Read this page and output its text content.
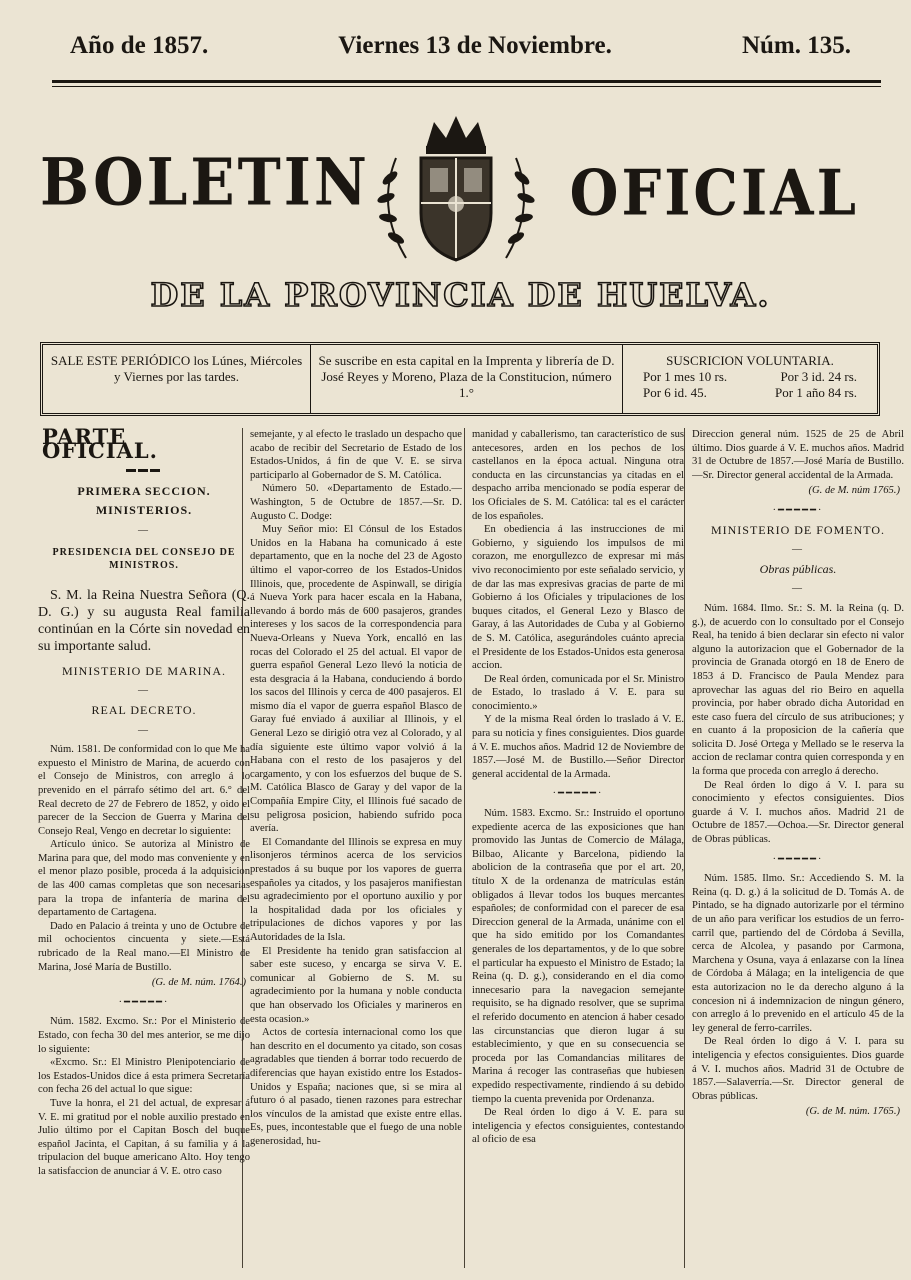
Año de 1857.	Viernes 13 de Noviembre.	Núm. 135.
BOLETIN	OFICIAL
DE LA PROVINCIA DE HUELVA.
SALE ESTE PERIÓDICO los Lúnes, Miércoles y Viernes por las tardes.
Se suscribe en esta capital en la Imprenta y librería de D. José Reyes y Moreno, Plaza de la Constitucion, número 1.°
SUSCRICION VOLUNTARIA.
Por 1 mes 10 rs.	Por 3 id. 24 rs.
Por 6 id. 45.	Por 1 año 84 rs.
PARTE OFICIAL.
▬▬▬
PRIMERA SECCION.
MINISTERIOS.
—
PRESIDENCIA DEL CONSEJO DE MINISTROS.

S. M. la Reina Nuestra Señora (Q. D. G.) y su augusta Real familia continúan en la Córte sin novedad en su importante salud.

MINISTERIO DE MARINA.
—
REAL DECRETO.
—

Núm. 1581. De conformidad con lo que Me ha expuesto el Ministro de Marina, de acuerdo con el Consejo de Ministros, con arreglo á lo prevenido en el párrafo sétimo del art. 6.° del Real decreto de 27 de Febrero de 1852, y oido el parecer de la Seccion de Guerra y Marina del Consejo Real, Vengo en decretar lo siguiente:

Artículo único. Se autoriza al Ministro de Marina para que, del modo mas conveniente y en el menor plazo posible, proceda á la adquisicion de las 400 camas completas que son necesarias para la tropa de infantería de marina del departamento de Cartagena.

Dado en Palacio á treinta y uno de Octubre de mil ochocientos cincuenta y siete.—Está rubricado de la Real mano.—El Ministro de Marina, José María de Bustillo.

(G. de M. núm. 1764.)
·━━━━━·

Núm. 1582. Excmo. Sr.: Por el Ministerio de Estado, con fecha 30 del mes anterior, se me dijo lo siguiente:

«Excmo. Sr.: El Ministro Plenipotenciario de los Estados-Unidos dice á esta primera Secretaría con fecha 26 del actual lo que sigue:

Tuve la honra, el 21 del actual, de expresar á V. E. mi gratitud por el noble auxilio prestado en Julio último por el Capitan Bosch del buque español Jacinta, el Capitan, á su familia y á la tripulacion del buque americano Alto. Hoy tengo la satisfaccion de anunciar á V. E. otro caso

semejante, y al efecto le traslado un despacho que acabo de recibir del Secretario de Estado de los Estados-Unidos, á fin de que V. E. se sirva participarlo al Gobernador de S. M. Católica.

Número 50. «Departamento de Estado.—Washington, 5 de Octubre de 1857.—Sr. D. Augusto C. Dodge:

Muy Señor mio: El Cónsul de los Estados Unidos en la Habana ha comunicado á este departamento, que en la noche del 23 de Agosto último el vapor-correo de los Estados-Unidos Illinois, que, procedente de Aspinwall, se dirigía á Nueva York para hacer escala en la Habana, llevando á bordo más de 600 pasajeros, grandes intereses y los sacos de la correspondencia para Nueva-Orleans y Nueva York, encalló en las rocas del Colorado el 25 del actual. El vapor de guerra español General Lezo llevó la noticia de esta desgracia á la Habana, conduciendo á bordo los sacos del Illinois y cerca de 400 pasajeros. El mismo día el vapor de guerra español Blasco de Garay fué enviado á auxiliar al Illinois, y el General Lezo se dirigió otra vez al Colorado, y al día siguiente este último vapor volvió á la Habana con el resto de los pasajeros y del cargamento, y con los esfuerzos del buque de S. M. Católica Blasco de Garay y del vapor de la Compañía Empire City, el Illinois fué sacado de su peligrosa posicion, habiendo sufrido poca avería.

El Comandante del Illinois se expresa en muy lisonjeros términos acerca de los servicios prestados á su buque por los vapores de guerra españoles ya citados, y los pasajeros manifiestan su agradecimiento por el oportuno auxilio y por la hospitalidad dada por los oficiales y tripulaciones de dichos vapores y por las Autoridades de la Isla.

El Presidente ha tenido gran satisfaccion al saber este suceso, y encarga se sirva V. E. comunicar al Gobierno de S. M. su agradecimiento por la humana y noble conducta que han observado los Oficiales y marineros en esta ocasion.»

Actos de cortesía internacional como los que han descrito en el documento ya citado, son cosas agradables que tienden á borrar todo recuerdo de diferencias que hayan existido entre los Estados-Unidos y España; naciones que, si se mira al futuro ó al pasado, tienen razones para estrechar los vínculos de la amistad que existe entre ellas. Es, pues, incontestable que el fuego de una noble generosidad, hu-

manidad y caballerismo, tan característico de sus antecesores, arden en los pechos de los castellanos en la época actual. Ninguna otra conducta en las circunstancias ya citadas en el despacho arriba mencionado se podía esperar de los Oficiales de S. M. Católica: tal es el carácter de los españoles.

En obediencia á las instrucciones de mi Gobierno, y siguiendo los impulsos de mi corazon, me enorgullezco de expresar mi más vivo reconocimiento por este señalado servicio, y de dar las mas expresivas gracias de parte de mi Gobierno á los Oficiales y tripulaciones de los buques citados, el General Lezo y Blasco de Garay, á las Autoridades de Cuba y al Gobierno de S. M. Católica, asegurándoles cuánto aprecia el Presidente de los Estados-Unidos esta generosa accion.

De Real órden, comunicada por el Sr. Ministro de Estado, lo traslado á V. E. para su conocimiento.»

Y de la misma Real órden lo traslado á V. E. para su noticia y fines consiguientes. Dios guarde á V. E. muchos años. Madrid 12 de Noviembre de 1857.—José M. de Bustillo.—Señor Director general accidental de la Armada.

·━━━━━·

Núm. 1583. Excmo. Sr.: Instruido el oportuno expediente acerca de las exposiciones que han promovido las Juntas de Comercio de Málaga, Bilbao, Alicante y Barcelona, pidiendo la abolicion de la contraseña que por el art. 20, título X de la ordenanza de matrículas están obligados á llevar todos los buques mercantes españoles; de conformidad con el parecer de esa Direccion general de la Armada, unánime con el que ha sido emitido por los Comandantes generales de los departamentos, y de lo que sobre el particular ha expuesto el Ministro de Estado; la Reina (q. D. g.), considerando en el dia como innecesario para la navegacion semejante requisito, se ha dignado resolver, que se suprima el referido documento en atencion á haber cesado las circunstancias que dieron lugar á su establecimiento, y que en su consecuencia se proceda por las Comandancias militares de Marina á recoger las contraseñas que hubiesen expedido respectivamente, rindiendo á su debido tiempo la cuenta prevenida por Ordenanza.

De Real órden lo digo á V. E. para su inteligencia y efectos consiguientes, contestando al oficio de esa

Direccion general núm. 1525 de 25 de Abril último. Dios guarde á V. E. muchos años. Madrid 31 de Octubre de 1857.—José María de Bustillo.—Sr. Director general accidental de la Armada.

(G. de M. núm 1765.)
·━━━━━·
MINISTERIO DE FOMENTO.
—
Obras públicas.
—

Núm. 1684. Ilmo. Sr.: S. M. la Reina (q. D. g.), de acuerdo con lo consultado por el Consejo Real, ha tenido á bien declarar sin efecto ni valor alguno la autorizacion que el Gobernador de la provincia de Granada otorgó en 18 de Enero de 1853 á D. Francisco de Paula Mendez para aprovechar las aguas del rio Beiro en aquella provincia, por haber obrado dicha Autoridad en este caso fuera del círculo de sus atribuciones; y en cuanto á la proposicion de la cañería que solicita D. José Ortega y Mellado se le reserva la accion de reclamar contra quien corresponda y en la forma que proceda con arreglo á derecho.

De Real órden lo digo á V. I. para su conocimiento y efectos consiguientes. Dios guarde á V. I. muchos años. Madrid 21 de Octubre de 1857.—Ochoa.—Sr. Director general de Obras públicas.

·━━━━━·

Núm. 1585. Ilmo. Sr.: Accediendo S. M. la Reina (q. D. g.) á la solicitud de D. Tomás A. de Pintado, se ha dignado autorizarle por el término de un año para verificar los estudios de un ferro-carril que, partiendo del de Córdoba á Sevilla, cerca de Alcolea, y pasando por Carmona, Marchena y Osuna, vaya á enlazarse con la línea de Córdoba á Málaga; en la inteligencia de que esta autorizacion no le da derecho alguno á la concesion ni á indemnizacion de ningun género, con arreglo á lo prevenido en el artículo 45 de la ley general de ferro-carriles.

De Real órden lo digo á V. I. para su inteligencia y efectos consiguientes. Dios guarde á V. I. muchos años. Madrid 31 de Octubre de 1857.—Salaverría.—Sr. Director general de Obras públicas.

(G. de M. núm. 1765.)
